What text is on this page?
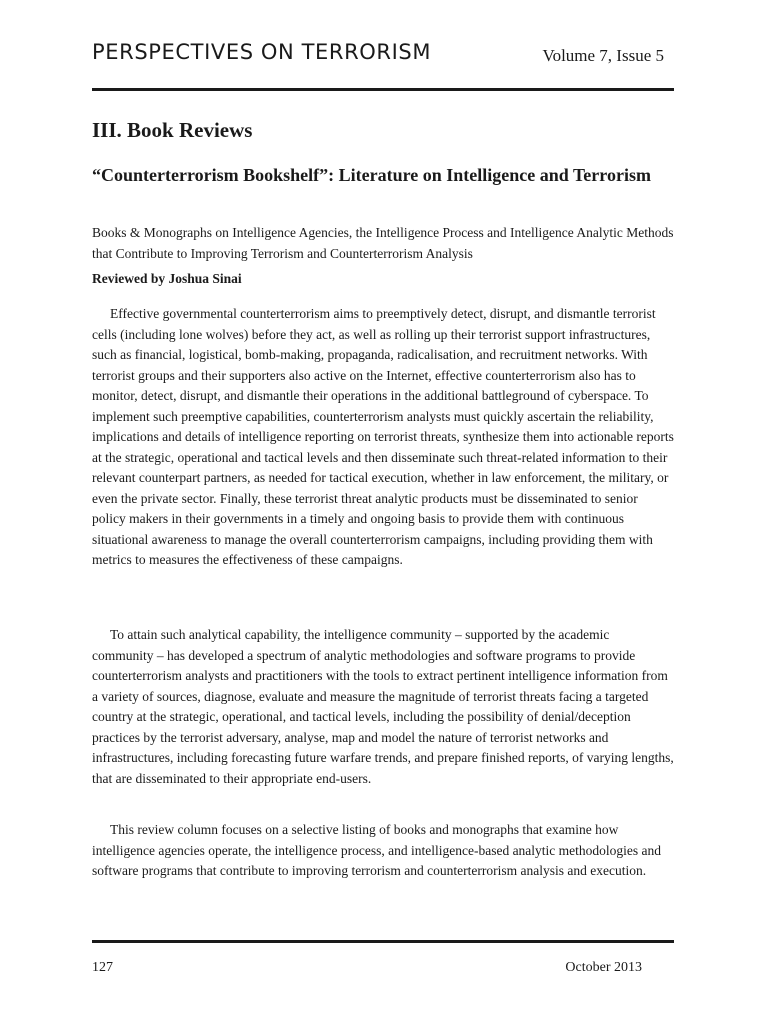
PERSPECTIVES ON TERRORISM	Volume 7, Issue 5
III. Book Reviews
“Counterterrorism Bookshelf”: Literature on Intelligence and Terrorism
Books & Monographs on Intelligence Agencies, the Intelligence Process and Intelligence Analytic Methods that Contribute to Improving Terrorism and Counterterrorism Analysis
Reviewed by Joshua Sinai

Effective governmental counterterrorism aims to preemptively detect, disrupt, and dismantle terrorist cells (including lone wolves) before they act, as well as rolling up their terrorist support infrastructures, such as financial, logistical, bomb-making, propaganda, radicalisation, and recruitment networks. With terrorist groups and their supporters also active on the Internet, effective counterterrorism also has to monitor, detect, disrupt, and dismantle their operations in the additional battleground of cyberspace. To implement such preemptive capabilities, counterterrorism analysts must quickly ascertain the reliability, implications and details of intelligence reporting on terrorist threats, synthesize them into actionable reports at the strategic, operational and tactical levels and then disseminate such threat-related information to their relevant counterpart partners, as needed for tactical execution, whether in law enforcement, the military, or even the private sector. Finally, these terrorist threat analytic products must be disseminated to senior policy makers in their governments in a timely and ongoing basis to provide them with continuous situational awareness to manage the overall counterterrorism campaigns, including providing them with metrics to measures the effectiveness of these campaigns.

To attain such analytical capability, the intelligence community – supported by the academic community – has developed a spectrum of analytic methodologies and software programs to provide counterterrorism analysts and practitioners with the tools to extract pertinent intelligence information from a variety of sources, diagnose, evaluate and measure the magnitude of terrorist threats facing a targeted country at the strategic, operational, and tactical levels, including the possibility of denial/deception practices by the terrorist adversary, analyse, map and model the nature of terrorist networks and infrastructures, including forecasting future warfare trends, and prepare finished reports, of varying lengths, that are disseminated to their appropriate end-users.

This review column focuses on a selective listing of books and monographs that examine how intelligence agencies operate, the intelligence process, and intelligence-based analytic methodologies and software programs that contribute to improving terrorism and counterterrorism analysis and execution.

127	October 2013
